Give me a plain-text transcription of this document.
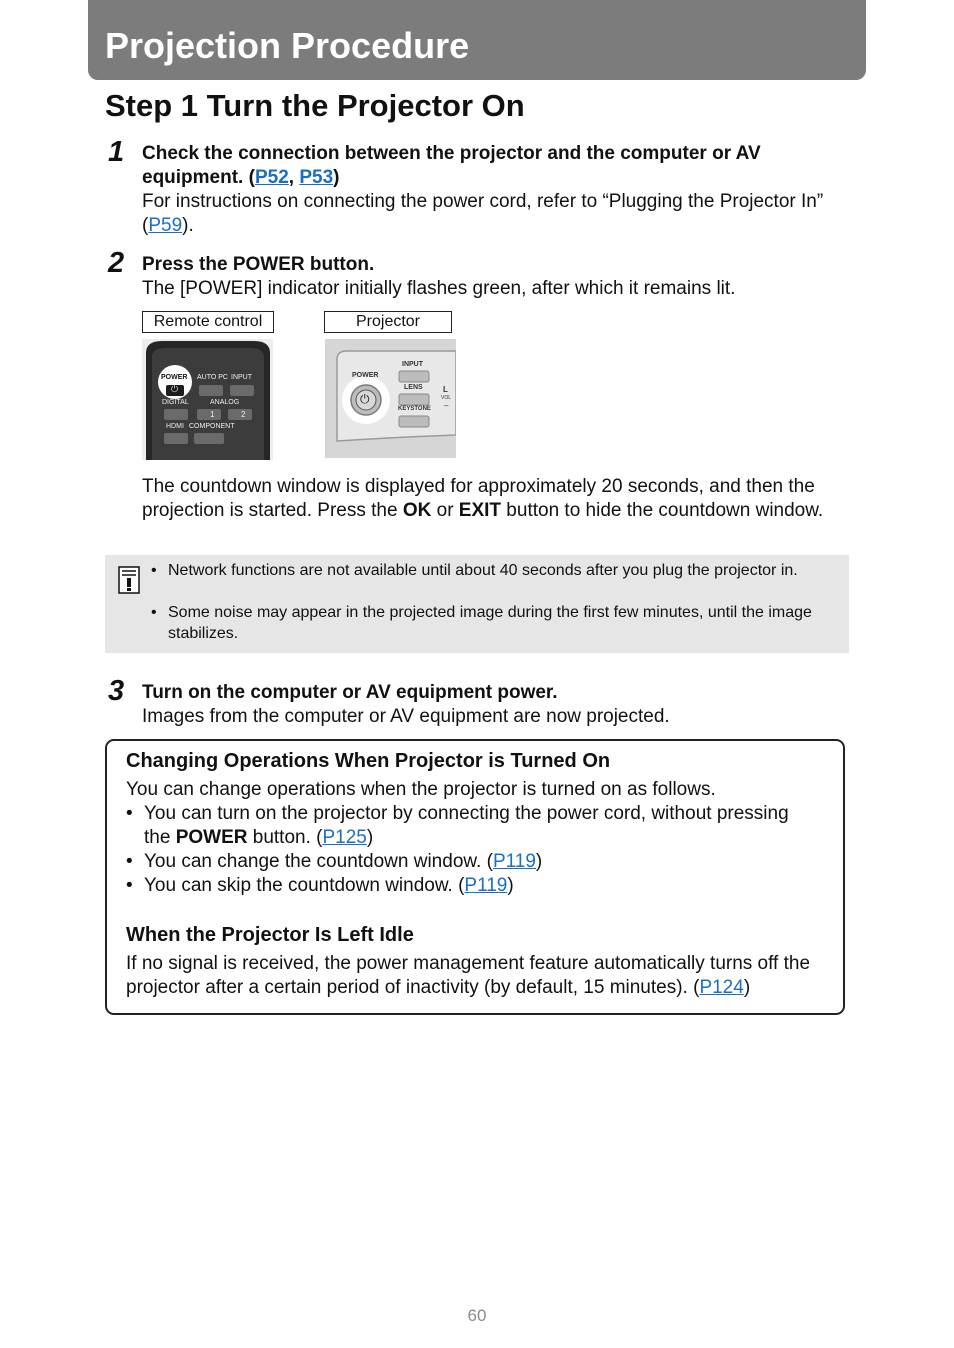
Projection Procedure
Step 1 Turn the Projector On
1 Check the connection between the projector and the computer or AV equipment. (P52, P53)
For instructions on connecting the power cord, refer to “Plugging the Projector In” (P59).
2 Press the POWER button.
The [POWER] indicator initially flashes green, after which it remains lit.
Remote control	Projector
POWER
⏻
AUTO PC INPUT
DIGITAL	ANALOG
1	2
HDMI COMPONENT
POWER
⏻
INPUT
LENS
KEYSTONE
L
VOL
–
The countdown window is displayed for approximately 20 seconds, and then the projection is started. Press the OK or EXIT button to hide the countdown window.
• Network functions are not available until about 40 seconds after you plug the projector in.
• Some noise may appear in the projected image during the first few minutes, until the image stabilizes.
3 Turn on the computer or AV equipment power.
Images from the computer or AV equipment are now projected.
Changing Operations When Projector is Turned On
You can change operations when the projector is turned on as follows.
• You can turn on the projector by connecting the power cord, without pressing the POWER button. (P125)
• You can change the countdown window. (P119)
• You can skip the countdown window. (P119)
When the Projector Is Left Idle
If no signal is received, the power management feature automatically turns off the projector after a certain period of inactivity (by default, 15 minutes). (P124)
60
